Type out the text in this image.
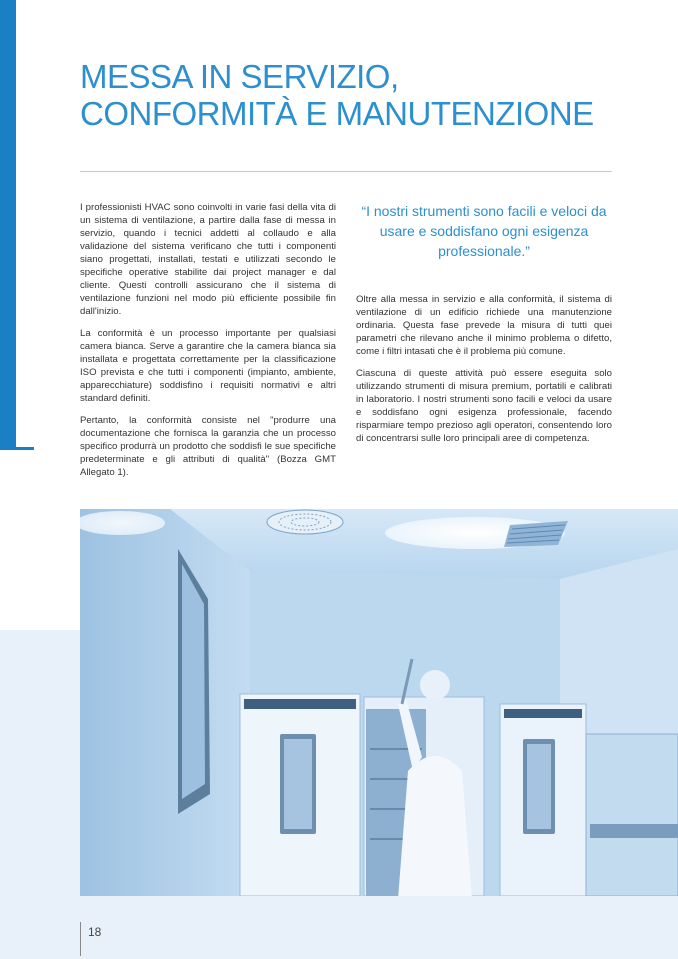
MESSA IN SERVIZIO,
CONFORMITÀ E MANUTENZIONE

I professionisti HVAC sono coinvolti in varie fasi della vita di un sistema di ventilazione, a partire dalla fase di messa in servizio, quando i tecnici addetti al collaudo e alla validazione del sistema verificano che tutti i componenti siano progettati, installati, testati e utilizzati secondo le specifiche operative stabilite dai project manager e dal cliente. Questi controlli assicurano che il sistema di ventilazione funzioni nel modo più efficiente possibile fin dall'inizio.

La conformità è un processo importante per qualsiasi camera bianca. Serve a garantire che la camera bianca sia installata e progettata correttamente per la classificazione ISO prevista e che tutti i componenti (impianto, ambiente, apparecchiature) soddisfino i requisiti normativi e altri standard definiti.

Pertanto, la conformità consiste nel "produrre una documentazione che fornisca la garanzia che un processo specifico produrrà un prodotto che soddisfi le sue specifiche predeterminate e gli attributi di qualità" (Bozza GMT Allegato 1).

“I nostri strumenti sono facili e veloci da usare e soddisfano ogni esigenza professionale.”

Oltre alla messa in servizio e alla conformità, il sistema di ventilazione di un edificio richiede una manutenzione ordinaria. Questa fase prevede la misura di tutti quei parametri che rilevano anche il minimo problema o difetto, come i filtri intasati che è il problema più comune.

Ciascuna di queste attività può essere eseguita solo utilizzando strumenti di misura premium, portatili e calibrati in laboratorio. I nostri strumenti sono facili e veloci da usare e soddisfano ogni esigenza professionale, facendo risparmiare tempo prezioso agli operatori, consentendo loro di concentrarsi sulle loro principali aree di competenza.

18
